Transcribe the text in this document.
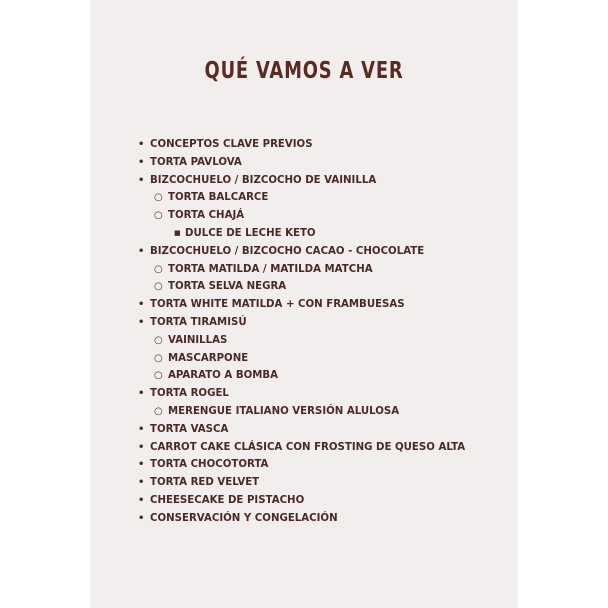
QUÉ VAMOS A VER
• CONCEPTOS CLAVE PREVIOS
• TORTA PAVLOVA
• BIZCOCHUELO / BIZCOCHO DE VAINILLA
○ TORTA BALCARCE
○ TORTA CHAJÁ
■ DULCE DE LECHE KETO
• BIZCOCHUELO / BIZCOCHO CACAO - CHOCOLATE
○ TORTA MATILDA / MATILDA MATCHA
○ TORTA SELVA NEGRA
• TORTA WHITE MATILDA + CON FRAMBUESAS
• TORTA TIRAMISÚ
○ VAINILLAS
○ MASCARPONE
○ APARATO A BOMBA
• TORTA ROGEL
○ MERENGUE ITALIANO VERSIÓN ALULOSA
• TORTA VASCA
• CARROT CAKE CLÁSICA CON FROSTING DE QUESO ALTA
• TORTA CHOCOTORTA
• TORTA RED VELVET
• CHEESECAKE DE PISTACHO
• CONSERVACIÓN Y CONGELACIÓN
